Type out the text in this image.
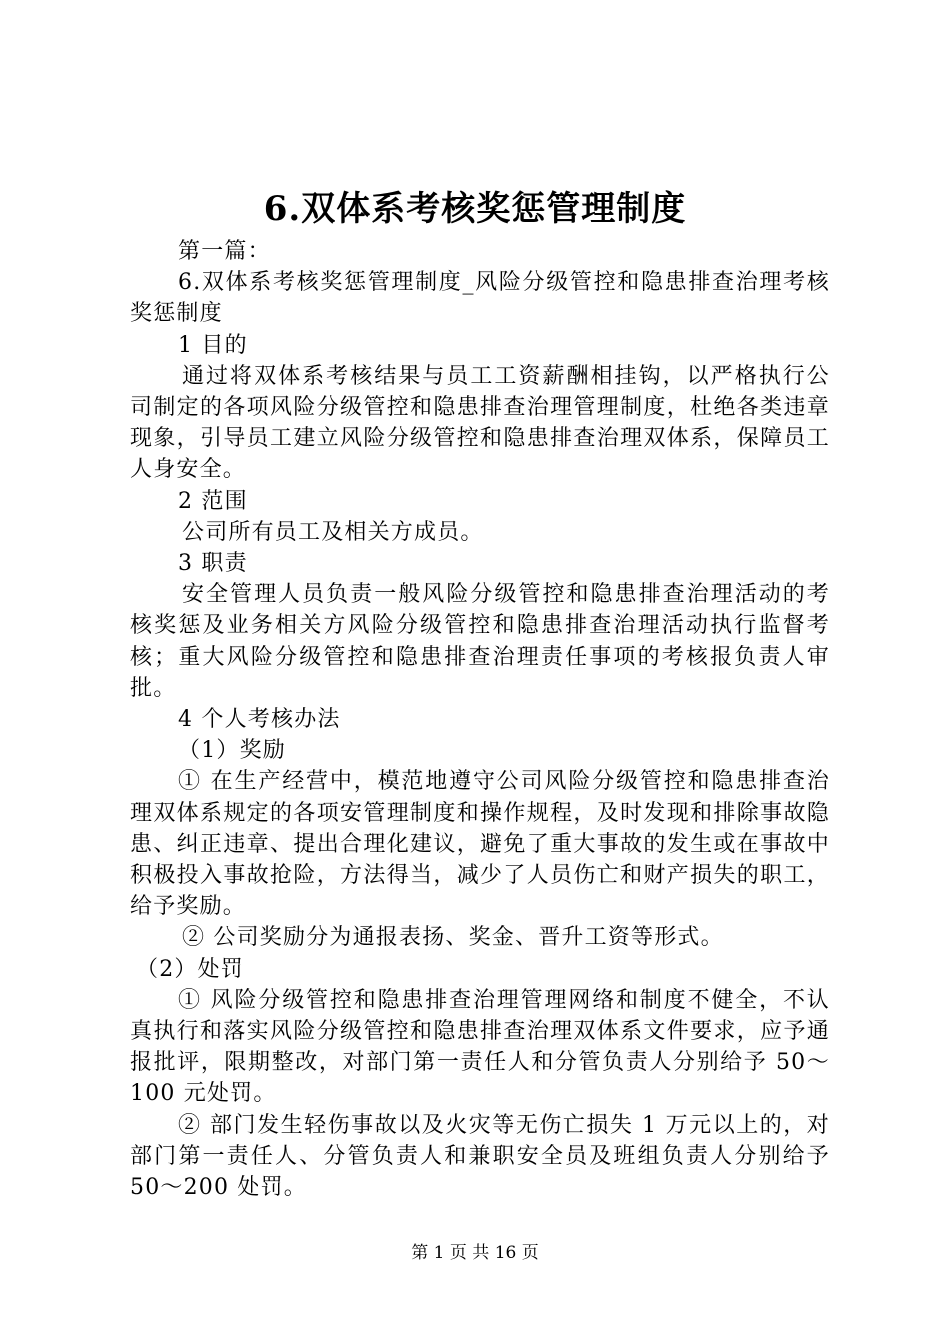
6.双体系考核奖惩管理制度

第一篇：

6.双体系考核奖惩管理制度_风险分级管控和隐患排查治理考核奖惩制度

1 目的

通过将双体系考核结果与员工工资薪酬相挂钩，以严格执行公司制定的各项风险分级管控和隐患排查治理管理制度，杜绝各类违章现象，引导员工建立风险分级管控和隐患排查治理双体系，保障员工人身安全。

2 范围

公司所有员工及相关方成员。

3 职责

安全管理人员负责一般风险分级管控和隐患排查治理活动的考核奖惩及业务相关方风险分级管控和隐患排查治理活动执行监督考核；重大风险分级管控和隐患排查治理责任事项的考核报负责人审批。

4 个人考核办法

（1）奖励

① 在生产经营中，模范地遵守公司风险分级管控和隐患排查治理双体系规定的各项安管理制度和操作规程，及时发现和排除事故隐患、纠正违章、提出合理化建议，避免了重大事故的发生或在事故中积极投入事故抢险，方法得当，减少了人员伤亡和财产损失的职工，给予奖励。

② 公司奖励分为通报表扬、奖金、晋升工资等形式。

（2）处罚

① 风险分级管控和隐患排查治理管理网络和制度不健全，不认真执行和落实风险分级管控和隐患排查治理双体系文件要求，应予通报批评，限期整改，对部门第一责任人和分管负责人分别给予 50～100 元处罚。

② 部门发生轻伤事故以及火灾等无伤亡损失 1 万元以上的，对部门第一责任人、分管负责人和兼职安全员及班组负责人分别给予 50～200 处罚。

第 1 页 共 16 页
